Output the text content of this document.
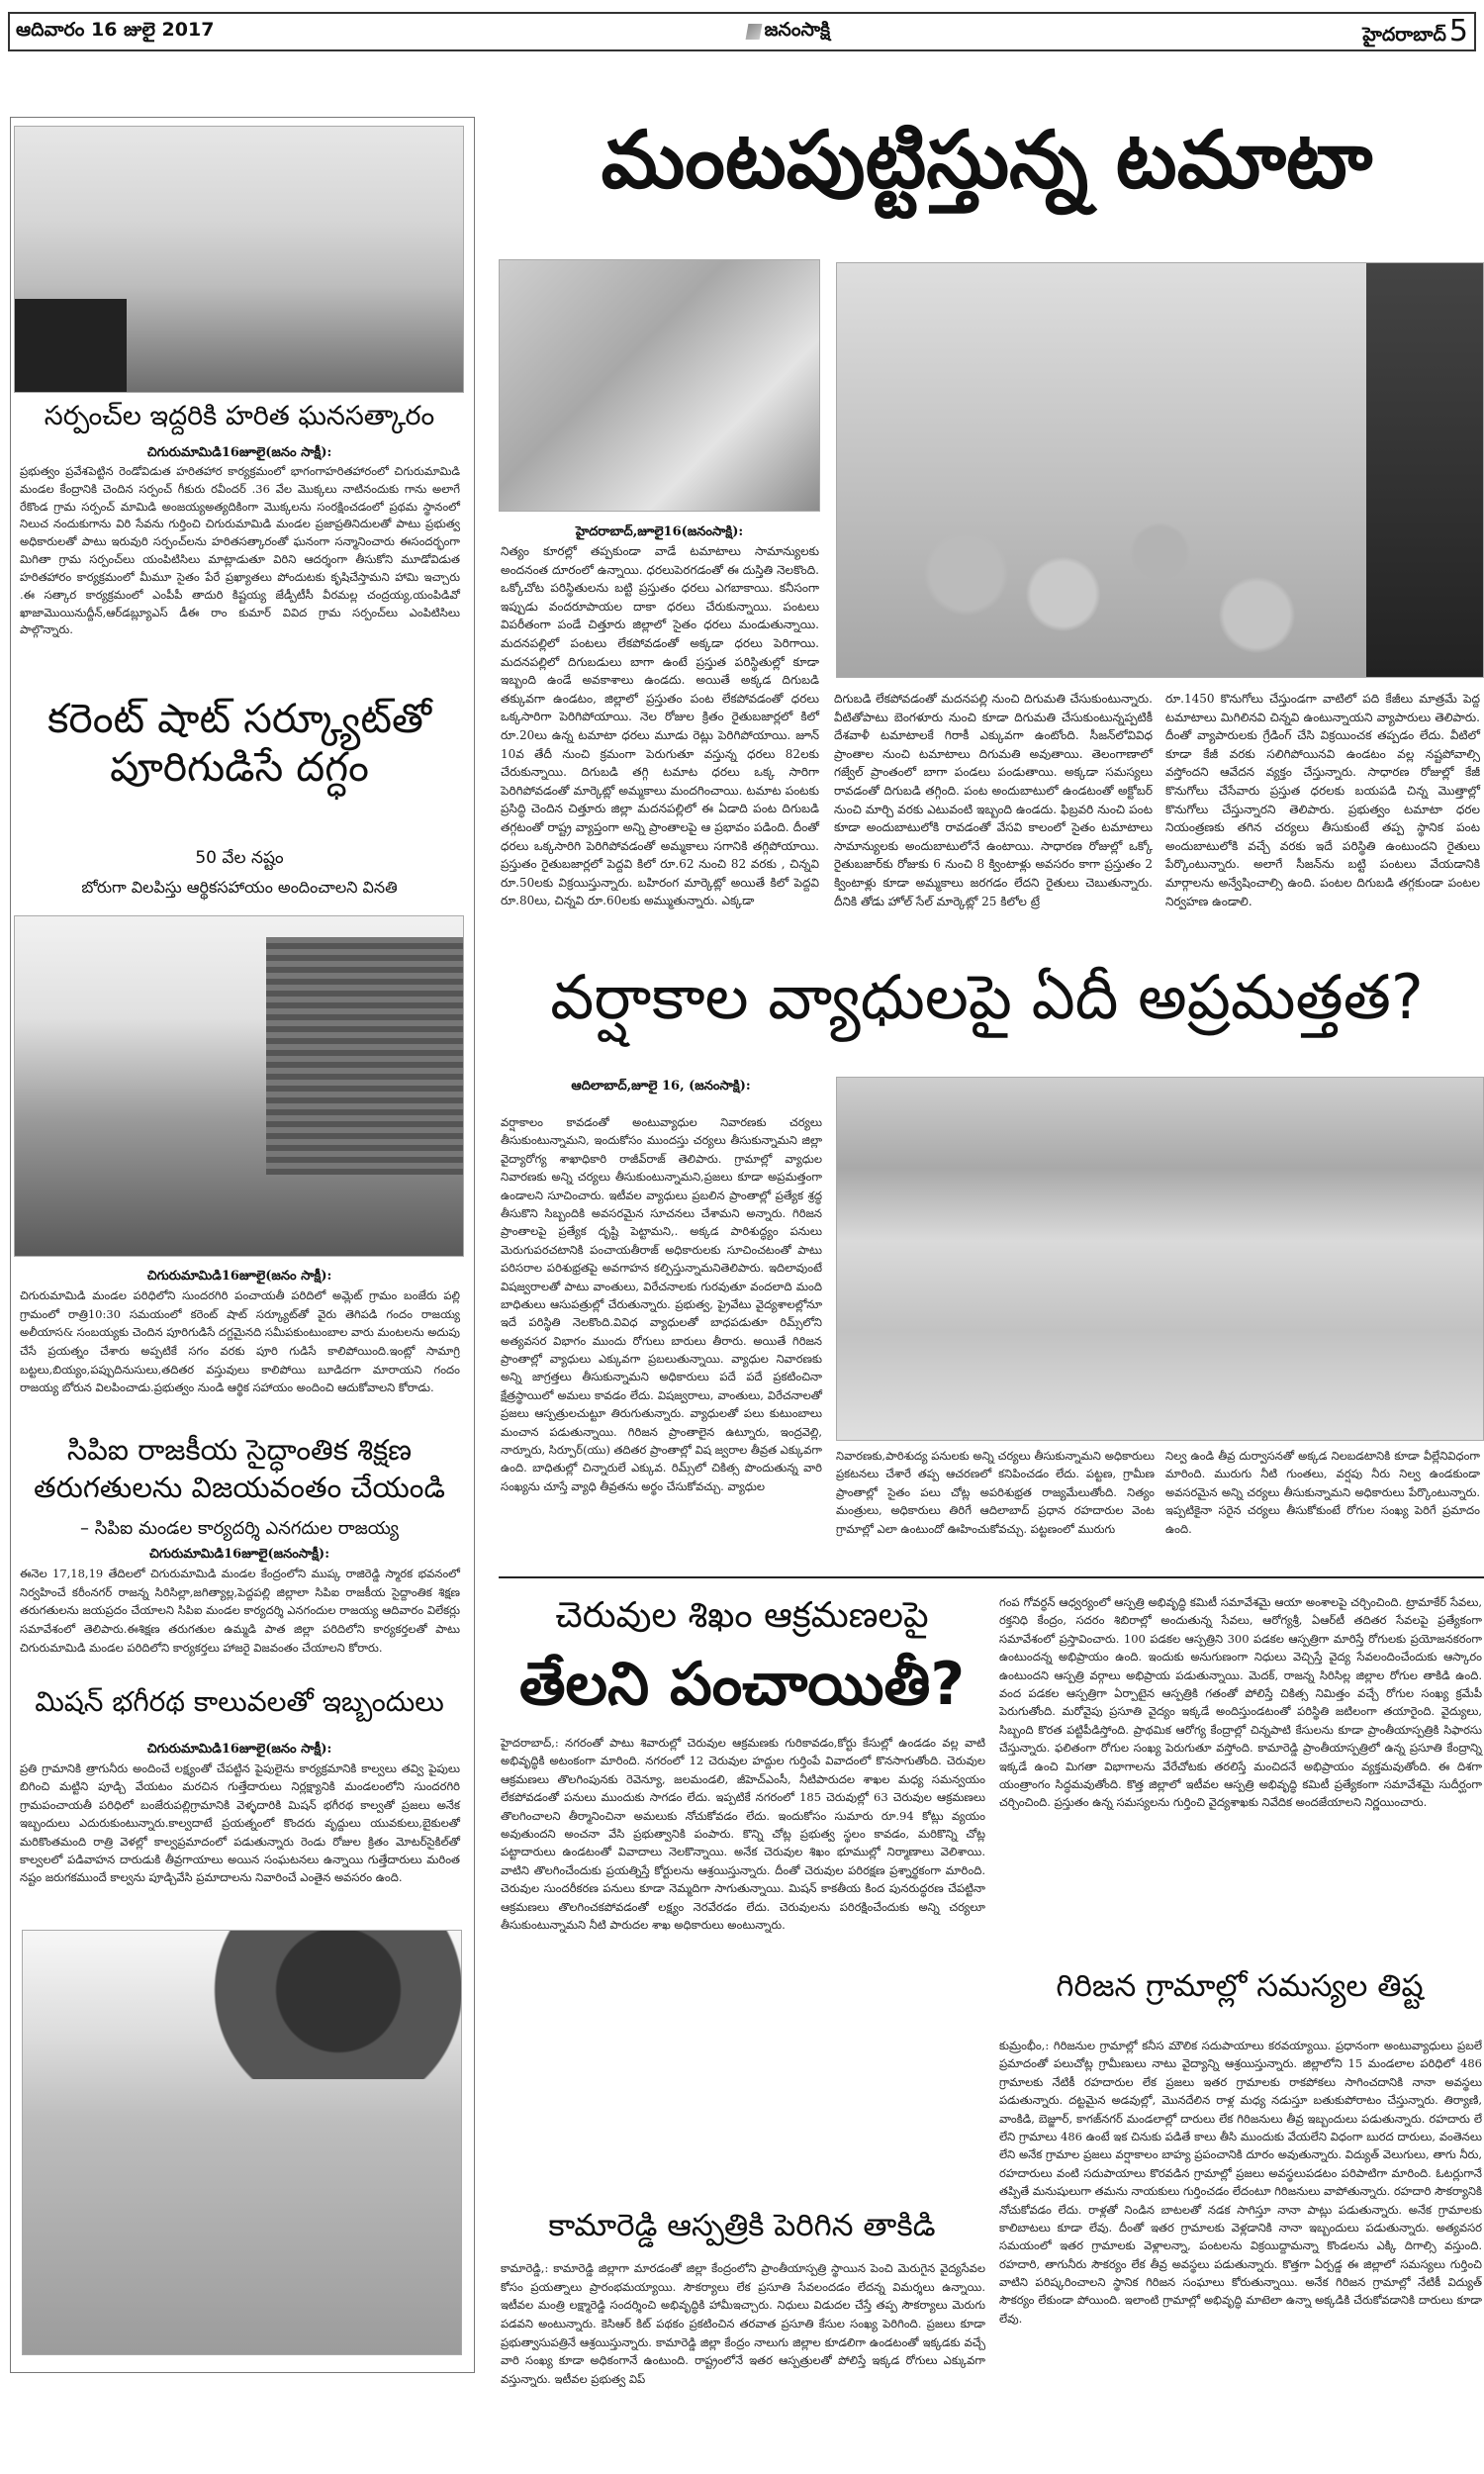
ఆదివారం 16 జులై 2017	జనంసాక్షి	హైదరాబాద్ 5
సర్పంచ్‌ల ఇద్దరికి హరిత ఘనసత్కారం
చిగురుమామిడి16జూలై(జనం సాక్షీ):
ప్రభుత్వం ప్రవేశపెట్టిన రెండోవిడుత హరితహార కార్యక్రమంలో భాగంగాహరితహారంలో చిగురుమామిడి మండల కేంద్రానికి చెందిన సర్పంచ్ గీకురు రవీందర్ .36 వేల మొక్కలు నాటినందుకు గాను అలాగే రేకొండ గ్రామ సర్పంచ్ మామిడి అంజయ్యఅత్యదికింగా మొక్కలను సంరక్షించడంలో ప్రథమ స్థానంలో నిలుచ నందుకుగాను విరి సేవను గుర్తించి చిగురుమామిడి మండల ప్రజాప్రతినిదులతో పాటు ప్రభుత్వ అధికారులతో పాటు ఇరువురి సర్పంచ్‌లను హరితసత్కారంతో ఘనంగా సన్మానించారు ఈసందర్భంగా మిగితా గ్రామ సర్పంచ్‌లు యంపిటిసిలు మాట్లాడుతూ విరిని ఆదర్శంగా తీసుకోని మూడోవిడుత హరితహారం కార్యక్రమంలో మీమూ సైతం పేరే ప్రఖ్యాతలు పోందుటకు కృషిచేస్తామని హామి ఇచ్చారు .ఈ సత్కార కార్యక్రమంలో ఎంపీపీ తాదురి కిష్టయ్య జేడ్పీటీసీ వీరమల్ల చంద్రయ్య,యంపిడివో ఖాజామొయినుద్దీన్,ఆర్‌డబ్ల్యూఎస్ డీఈ రాం కుమార్ వివిద గ్రామ సర్పంచ్‌లు ఎంపిటిసిలు పాల్గొన్నారు.
కరెంట్ షాట్ సర్క్యూట్‌తో పూరిగుడిసే దగ్ధం
50 వేల నష్టం
బోరుగా విలపిస్తు ఆర్థికసహాయం అందించాలని వినతి
చిగురుమామిడి16జూలై(జనం సాక్షీ):
చిగురుమామిడి మండల పరిధిలోని సుందరగిరి పంచాయతీ పరిదిలో అమ్లెట్ గ్రామం బంజేరు పల్లి గ్రామంలో రాత్రి10:30 సమయంలో కరెంట్ షాట్ సర్క్యూట్‌తో వైరు తెగిపడి గందం రాజయ్య అలీయాస& సంబయ్యకు చెందిన పూరిగుడిసే దగ్దమైనది సమీపకుంటుంబాల వారు మంటలను అదుపు చేసే ప్రయత్నం చేశారు అప్పటికే సగం వరకు పూరి గుడిసే కాలిపోయింది.ఇంట్లో సామాగ్రి బట్టలు,బియ్యం,పప్పుదినుసులు,తదితర వస్తువులు కాలిపోయి బూడిదగా మారాయని గందం రాజయ్య బోరున విలపించాడు.ప్రభుత్వం నుండి ఆర్థిక సహాయం అందించి ఆదుకోవాలని కోరాడు.
సిపిఐ రాజకీయ సైద్ధాంతిక శిక్షణ తరుగతులను విజయవంతం చేయండి
– సిపిఐ మండల కార్యదర్శి ఎనగదుల రాజయ్య
చిగురుమామిడి16జూలై(జనంసాక్షీ):
ఈనెల 17,18,19 తేదిలలో చిగురుమామిడి మండల కేంద్రంలోని ముప్క రాజిరెడ్డి స్మారక భవనంలో నిర్వహించే కరీంనగర్ రాజన్న సిరిసిల్లా,జగిత్యాల్ల,పెద్దపల్లి జిల్లాలా సిపిఐ రాజకీయ సైద్దాంతిక శిక్షణ తరుగతులను జయప్రదం చేయాలని సిపిఐ మండల కార్యదర్శి ఎనగందుల రాజయ్య ఆదివారం విలేకర్లు సమావేశంలో తెలిపారు.ఈశిక్షణ తరుగతుల ఉమ్మడి పాత జిల్లా పరిదిలోని కార్యకర్తలతో పాటు చిగురుమామిడి మండల పరిదిలోని కార్యకర్తలు హాజరై విజవంతం చేయాలని కోరారు.
మిషన్ భగీరథ కాలువలతో ఇబ్బందులు
చిగురుమామిడి16జూలై(జనం సాక్షీ):
ప్రతి గ్రామానికి త్రాగునీరు అందించే లక్ష్యంతో చేపట్టిన పైపులైను కార్యక్రమానికి కాల్వలు తవ్వి పైపులు బిగించి మట్టిని పూడ్చి వేయటం మరచిన గుత్తేదారులు నిర్లక్ష్యానికి మండలంలోని సుందరగిరి గ్రామపంచాయతీ పరిధిలో బంజేరుపల్లిగ్రామానికి వెళ్ళదారికి మిషన్ భగీరథ కాల్వతో ప్రజలు అనేక ఇబ్బందులు ఎదురుకుంటున్నారు.కాల్వదాటే ప్రయత్నంలో కొందరు వృద్దులు యువకులు,బైకులతో మరికొంతమంది రాత్రి వెళల్లో కాల్వప్రమాదంలో పడుతున్నారు రెండు రోజుల క్రితం మోటర్‌సైకిల్‌తో కాల్వలలో పడివాహన దారుడుకి తీవ్రగాయాలు అయిన సంఘటనలు ఉన్నాయి గుత్తేదారులు మరింత నష్టం జరుగకముందే కాల్వను పూడ్చివేసి ప్రమాదాలను నివారించే ఎంతైన అవసరం ఉంది.
మంటపుట్టిస్తున్న టమాటా
హైదరాబాద్,జూలై16(జనంసాక్షి):
నిత్యం కూరల్లో తప్పకుండా వాడే టమాటాలు సామాన్యులకు అందనంత దూరంలో ఉన్నాయి. ధరలుపెరగడంతో ఈ దుస్తితి నెలకొంది. ఒక్కోచోట పరిస్థితులను బట్టి ప్రస్తుతం ధరలు ఎగబాకాయి. కనీసంగా ఇప్పుడు వందరూపాయల దాకా ధరలు చేరుకున్నాయి. పంటలు విపరీతంగా పండే చిత్తూరు జిల్లాలో సైతం ధరలు మండుతున్నాయి. మదనపల్లిలో పంటలు లేకపోవడంతో అక్కడా ధరలు పెరిగాయి. మదనపల్లిలో దిగుబడులు బాగా ఉంటే ప్రస్తుత పరిస్థితుల్లో కూడా ఇబ్బంది ఉండే అవకాశాలు ఉండదు. అయితే అక్కడ దిగుబడి తక్కువగా ఉండటం, జిల్లాలో ప్రస్తుతం పంట లేకపోవడంతో ధరలు ఒక్కసారిగా పెరిగిపోయాయి. నెల రోజుల క్రితం రైతుబజార్లలో కిలో రూ.20లు ఉన్న టమాటా ధరలు మూడు రెట్లు పెరిగిపోయాయి. జూన్ 10వ తేదీ నుంచి క్రమంగా పెరుగుతూ వస్తున్న ధరలు 82లకు చేరుకున్నాయి. దిగుబడి తగ్గి టమాట ధరలు ఒక్క సారిగా పెరిగిపోవడంతో మార్కెట్లో అమ్మకాలు మందగించాయి. టమాట పంటకు ప్రసిద్ధి చెందిన చిత్తూరు జిల్లా మదనపల్లిలో ఈ ఏడాది పంట దిగుబడి తగ్గటంతో రాష్ట్ర వ్యాప్తంగా అన్ని ప్రాంతాలపై ఆ ప్రభావం పడింది. దీంతో ధరలు ఒక్కసారిగి పెరిగిపోవడంతో అమ్మకాలు సగానికి తగ్గిపోయాయి. ప్రస్తుతం రైతుబజార్లలో పెద్దవి కిలో రూ.62 నుంచి 82 వరకు , చిన్నవి రూ.50లకు విక్రయిస్తున్నారు. బహిరంగ మార్కెట్లో అయితే కిలో పెద్దవి రూ.80లు, చిన్నవి రూ.60లకు అమ్ముతున్నారు. ఎక్కడా
దిగుబడి లేకపోవడంతో మదనపల్లి నుంచి దిగుమతి చేసుకుంటున్నారు. వీటితోపాటు బెంగళూరు నుంచి కూడా దిగుమతి చేసుకుంటున్నప్పటికీ దేశవాళీ టమాటాలకే గిరాకీ ఎక్కువగా ఉంటోంది. సీజన్‌లోవివిధ ప్రాంతాల నుంచి టమాటాలు దిగుమతి అవుతాయి. తెలంగాణాలో గజ్వేల్ ప్రాంతంలో బాగా పండలు పండుతాయి. అక్కడా సమస్యలు రావడంతో దిగుబడి తగ్గింది. పంట అందుబాటులో ఉండటంతో అక్టోబర్ నుంచి మార్చి వరకు ఎటువంటి ఇబ్బంది ఉండదు. ఫిబ్రవరి నుంచి పంట కూడా అందుబాటులోకి రావడంతో వేసవి కాలంలో సైతం టమాటాలు సామాన్యులకు అందుబాటులోనే ఉంటాయి. సాధారణ రోజుల్లో ఒక్కో రైతుబజార్‌కు రోజుకు 6 నుంచి 8 క్వింటాళ్లు అవసరం కాగా ప్రస్తుతం 2 క్వింటాళ్లు కూడా అమ్మకాలు జరగడం లేదని రైతులు చెబుతున్నారు. దీనికి తోడు హోల్ సేల్ మార్కెట్లో 25 కిలోల ట్రే
రూ.1450 కొనుగోలు చేస్తుండగా వాటిలో పది కేజీలు మాత్రమే పెద్ద టమాటాలు మిగిలినవి చిన్నవి ఉంటున్నాయని వ్యాపారులు తెలిపారు. దీంతో వ్యాపారులకు గ్రేడింగ్ చేసి విక్రయించక తప్పడం లేదు. వీటిలో కూడా కేజీ వరకు సలిగిపోయినవి ఉండటం వల్ల నష్టపోవాల్సి వస్తోందని ఆవేదన వ్యక్తం చేస్తున్నారు. సాధారణ రోజుల్లో కేజీ కొనుగోలు చేసేవారు ప్రస్తుత ధరలకు బయపడి చిన్న మొత్తాల్లో కొనుగోలు చేస్తున్నారని తెలిపారు. ప్రభుత్వం టమాటా ధరల నియంత్రణకు తగిన చర్యలు తీసుకుంటే తప్ప స్థానిక పంట అందుబాటులోకి వచ్చే వరకు ఇదే పరిస్థితి ఉంటుందని రైతులు పేర్కొంటున్నారు. అలాగే సీజన్‌ను బట్టి పంటలు వేయడానికి మార్గాలను అన్వేషించాల్సి ఉంది. పంటల దిగుబడి తగ్గకుండా పంటల నిర్వహణ ఉండాలి.
వర్షాకాల వ్యాధులపై ఏదీ అప్రమత్తత?
ఆదిలాబాద్,జూలై 16, (జనంసాక్షి):
వర్షాకాలం కావడంతో అంటువ్యాధుల నివారణకు చర్యలు తీసుకుంటున్నామని, ఇందుకోసం ముందస్తు చర్యలు తీసుకున్నామని జిల్లా వైద్యారోగ్య శాఖాధికారి రాజీవ్‌రాజ్ తెలిపారు. గ్రామాల్లో వ్యాధుల నివారణకు అన్ని చర్యలు తీసుకుంటున్నామని,ప్రజలు కూడా అప్రమత్తంగా ఉండాలని సూచించారు. ఇటీవల వ్యాధులు ప్రబలిన ప్రాంతాల్లో ప్రత్యేక శ్రద్ధ తీసుకొని సిబ్బందికి అవసరమైన సూచనలు చేశామని అన్నారు. గిరిజన ప్రాంతాలపై ప్రత్యేక దృష్టి పెట్టామని,. అక్కడ పారిశుద్ధ్యం పనులు మెరుగుపరచటానికి పంచాయతీరాజ్ అధికారులకు సూచించటంతో పాటు పరిసరాల పరిశుభ్రతపై అవగాహన కల్పిస్తున్నామనితెలిపారు. ఇదిలావుంటే విషజ్వరాలతో పాటు వాంతులు, విరేచనాలకు గురవుతూ వందలాది మంది బాధితులు ఆసుపత్రుల్లో చేరుతున్నారు. ప్రభుత్వ, ప్రైవేటు వైద్యశాలల్లోనూ ఇదే పరిస్థితి నెలకొంది.వివిధ వ్యాధులతో బాధపడుతూ రిమ్స్‌లోని అత్యవసర విభాగం ముందు రోగులు బారులు తీరారు. అయితే గిరిజన ప్రాంతాల్లో వ్యాధులు ఎక్కువగా ప్రబలుతున్నాయి. వ్యాధుల నివారణకు అన్ని జాగ్రత్తలు తీసుకున్నామని అధికారులు పదే పదే ప్రకటించినా క్షేత్రస్థాయిలో అమలు కావడం లేదు. విషజ్వరాలు, వాంతులు, విరేచనాలతో ప్రజలు ఆస్పత్రులచుట్టూ తిరుగుతున్నారు. వ్యాధులతో పలు కుటుంబాలు మంచాన పడుతున్నాయి. గిరిజన ప్రాంతాలైన ఉట్నూరు, ఇంద్రవెల్లి, నార్నూరు, సిర్పూర్(యు) తదితర ప్రాంతాల్లో విష జ్వరాల తీవ్రత ఎక్కువగా ఉంది. బాధితుల్లో చిన్నారులే ఎక్కువ. రిమ్స్‌లో చికిత్స పొందుతున్న వారి సంఖ్యను చూస్తే వ్యాధి తీవ్రతను అర్థం చేసుకోవచ్చు. వ్యాధుల
నివారణకు,పారిశుద్య పనులకు అన్ని చర్యలు తీసుకున్నామని అధికారులు ప్రకటనలు చేశారే తప్ప ఆచరణలో కనిపించడం లేదు. పట్టణ, గ్రామీణ ప్రాంతాల్లో సైతం పలు చోట్ల అపరిశుభ్రత రాజ్యమేలుతోంది. నిత్యం మంత్రులు, అధికారులు తిరిగే ఆదిలాబాద్ ప్రధాన రహదారుల వెంట గ్రామాల్లో ఎలా ఉంటుందో ఊహించుకోవచ్చు. పట్టణంలో మురుగు
నిల్వ ఉండి తీవ్ర దుర్వాసనతో అక్కడ నిలబడటానికి కూడా వీల్లేనివిధంగా మారింది. మురుగు నీటి గుంతలు, వర్షపు నీరు నిల్వ ఉండకుండా అవసరమైన అన్ని చర్యలు తీసుకున్నామని అధికారులు పేర్కొంటున్నారు. ఇప్పటికైనా సరైన చర్యలు తీసుకోకుంటే రోగుల సంఖ్య పెరిగే ప్రమాదం ఉంది.
చెరువుల శిఖం ఆక్రమణలపై
తేలని పంచాయితీ?
హైదరాబాద్,: నగరంతో పాటు శివారుల్లో చెరువుల ఆక్రమణకు గురికావడం,కోర్టు కేసుల్లో ఉండడం వల్ల వాటి అభివృద్ధికి అటంకంగా మారింది. నగరంలో 12 చెరువుల హద్దుల గుర్తింపే వివాదంలో కొనసాగుతోంది. చెరువుల ఆక్రమణలు తొలగింపునకు రెవెన్యూ, జలమండలి, జీహెచ్‌ఎంసీ, నీటిపారుదల శాఖల మధ్య సమన్వయం లేకపోవడంతో పనులు ముందుకు సాగడం లేదు. ఇప్పటికే నగరంలో 185 చెరువుల్లో 63 చెరువుల ఆక్రమణలు తొలగించాలని తీర్మానించినా అమలుకు నోచుకోవడం లేదు. ఇందుకోసం సుమారు రూ.94 కోట్లు వ్యయం అవుతుందని అంచనా వేసి ప్రభుత్వానికి పంపారు. కొన్ని చోట్ల ప్రభుత్వ స్థలం కావడం, మరికొన్ని చోట్ల పట్టాదారులు ఉండటంతో వివాదాలు నెలకొన్నాయి. అనేక చెరువుల శిఖం భూముల్లో నిర్మాణాలు వెలిశాయి. వాటిని తొలగించేందుకు ప్రయత్నిస్తే కోర్టులను ఆశ్రయిస్తున్నారు. దీంతో చెరువుల పరిరక్షణ ప్రశ్నార్థకంగా మారింది. చెరువుల సుందరీకరణ పనులు కూడా నెమ్మదిగా సాగుతున్నాయి. మిషన్ కాకతీయ కింద పునరుద్ధరణ చేపట్టినా ఆక్రమణలు తొలగించకపోవడంతో లక్ష్యం నెరవేరడం లేదు. చెరువులను పరిరక్షించేందుకు అన్ని చర్యలూ తీసుకుంటున్నామని నీటి పారుదల శాఖ అధికారులు అంటున్నారు.
కామారెడ్డి ఆస్పత్రికి పెరిగిన తాకిడి
కామారెడ్డి,: కామారెడ్డి జిల్లాగా మారడంతో జిల్లా కేంద్రంలోని ప్రాంతీయాస్పత్రి స్థాయిన పెంచి మెరుగైన వైద్యసేవల కోసం ప్రయత్నాలు ప్రారంభమయ్యాయి. సౌకర్యాలు లేక ప్రసూతి సేవలందడం లేదన్న విమర్శలు ఉన్నాయి. ఇటీవల మంత్రి లక్ష్మారెడ్డి సందర్శించి అభివృద్ధికి హామీఇచ్చారు. నిధులు విడుదల చేస్తే తప్ప సౌకర్యాలు మెరుగు పడవని అంటున్నారు. కెసిఆర్ కిట్ పథకం ప్రకటించిన తరవాత ప్రసూతి కేసుల సంఖ్య పెరిగింది. ప్రజలు కూడా ప్రభుత్వాసుపత్రినే ఆశ్రయిస్తున్నారు. కామారెడ్డి జిల్లా కేంద్రం నాలుగు జిల్లాల కూడలిగా ఉండటంతో ఇక్కడకు వచ్చే వారి సంఖ్య కూడా అధికంగానే ఉంటుంది. రాష్ట్రంలోనే ఇతర ఆస్పత్రులతో పోలిస్తే ఇక్కడ రోగులు ఎక్కువగా వస్తున్నారు. ఇటీవల ప్రభుత్వ విప్
గంప గోవర్ధన్ ఆధ్వర్యంలో ఆస్పత్రి అభివృద్ధి కమిటీ సమావేశమై ఆయా అంశాలపై చర్చించింది. ట్రామాకేర్ సేవలు, రక్తనిధి కేంద్రం, సదరం శిబిరాల్లో అందుతున్న సేవలు, ఆరోగ్యశ్రీ, ఏఆర్‌టీ తదితర సేవలపై ప్రత్యేకంగా సమావేశంలో ప్రస్తావించారు. 100 పడకల ఆస్పత్రిని 300 పడకల ఆస్పత్రిగా మారిస్తే రోగులకు ప్రయోజనకరంగా ఉంటుందన్న అభిప్రాయం ఉంది. ఇందుకు అనుగుణంగా నిధులు వెచ్చిస్తే వైద్య సేవలందించేందుకు ఆస్కారం ఉంటుందని ఆస్పత్రి వర్గాలు అభిప్రాయ పడుతున్నాయి. మెదక్, రాజన్న సిరిసిల్ల జిల్లాల రోగుల తాకిడి ఉంది. వంద పడకల ఆస్పత్రిగా ఏర్పాటైన ఆస్పత్రికి గతంతో పోలిస్తే చికిత్స నిమిత్తం వచ్చే రోగుల సంఖ్య క్రమేపీ పెరుగుతోంది. మరోవైపు ప్రసూతి వైద్యం ఇక్కడే అందిస్తుండటంతో పరిస్థితి జటిలంగా తయారైంది. వైద్యులు, సిబ్బంది కొరత పట్టిపీడిస్తోంది. ప్రాథమిక ఆరోగ్య కేంద్రాల్లో చిన్నపాటి కేసులను కూడా ప్రాంతీయాస్పత్రికి సిఫారసు చేస్తున్నారు. ఫలితంగా రోగుల సంఖ్య పెరుగుతూ వస్తోంది. కామారెడ్డి ప్రాంతీయాస్పత్రిలో ఉన్న ప్రసూతి కేంద్రాన్ని ఇక్కడే ఉంచి మిగతా విభాగాలను వేరేచోటకు తరలిస్తే మంచిదనే అభిప్రాయం వ్యక్తమవుతోంది. ఈ దిశగా యంత్రాంగం సిద్ధమవుతోంది. కొత్త జిల్లాలో ఇటీవల ఆస్పత్రి అభివృద్ధి కమిటీ ప్రత్యేకంగా సమావేశమై సుదీర్ఘంగా చర్చించింది. ప్రస్తుతం ఉన్న సమస్యలను గుర్తించి వైద్యశాఖకు నివేదిక అందజేయాలని నిర్ణయించారు.
గిరిజన గ్రామాల్లో సమస్యల తిష్ట
కుమ్రంభీం,: గిరిజనుల గ్రామాల్లో కనీస మౌలిక సదుపాయాలు కరవయ్యాయి. ప్రధానంగా అంటువ్యాధులు ప్రబలే ప్రమాదంతో పలుచోట్ల గ్రామీణులు నాటు వైద్యాన్ని ఆశ్రయిస్తున్నారు. జిల్లాలోని 15 మండలాల పరిధిలో 486 గ్రామాలకు నేటికీ రహదారుల లేక ప్రజలు ఇతర గ్రామాలకు రాకపోకలు సాగించదానికి నానా అవస్థలు పడుతున్నారు. దట్టమైన అడవుల్లో, మొనదేలిన రాళ్ల మధ్య నడుస్తూ బతుకుపోరాటం చేస్తున్నారు. తిర్యాణి, వాంకిడి, బెజ్జూర్, కాగజ్‌నగర్ మండలాల్లో దారులు లేక గిరిజనులు తీవ్ర ఇబ్బందులు పడుతున్నారు. రహదారు లే లేని గ్రామాలు 486 ఉంటే ఇక చినుకు పడితే కాలు తీసి ముందుకు వేయలేని విధంగా బురద దారులు, వంతెనలు లేని అనేక గ్రామాల ప్రజలు వర్షాకాలం బాహ్య ప్రపంచానికి దూరం అవుతున్నారు. విద్యుత్ వెలుగులు, తాగు నీరు, రహదారులు వంటి సదుపాయాలు కొరవడిన గ్రామాల్లో ప్రజలు అవస్థలుపడటం పరిపాటిగా మారింది. ఓటర్లుగానే తప్పితే మనుషులుగా తమను నాయకులు గుర్తించడం లేదంటూ గిరిజనులు వాపోతున్నారు. రహదారి సౌకర్యానికి నోచుకోవడం లేదు. రాళ్లతో నిండిన బాటలతో నడక సాగిస్తూ నానా పాట్లు పడుతున్నారు. అనేక గ్రామాలకు కాలిబాటలు కూడా లేవు. దీంతో ఇతర గ్రామాలకు వెళ్లడానికి నానా ఇబ్బందులు పడుతున్నారు. అత్యవసర సమయంలో ఇతర గ్రామాలకు వెళ్లాలన్నా, పంటలను విక్రయిద్దామన్నా కొండలను ఎక్కి దిగాల్సి వస్తుంది. రహదారి, తాగునీరు సౌకర్యం లేక తీవ్ర అవస్థలు పడుతున్నారు. కొత్తగా ఏర్పడ్డ ఈ జిల్లాలో సమస్యలు గుర్తించి వాటిని పరిష్కరించాలని స్థానిక గిరిజన సంఘాలు కోరుతున్నాయి. అనేక గిరిజన గ్రామాల్లో నేటికీ విద్యుత్ సౌకర్యం లేకుండా పోయింది. ఇలాంటి గ్రామాల్లో అభివృద్ధి మాటెలా ఉన్నా అక్కడికి చేరుకోవడానికి దారులు కూడా లేవు.
